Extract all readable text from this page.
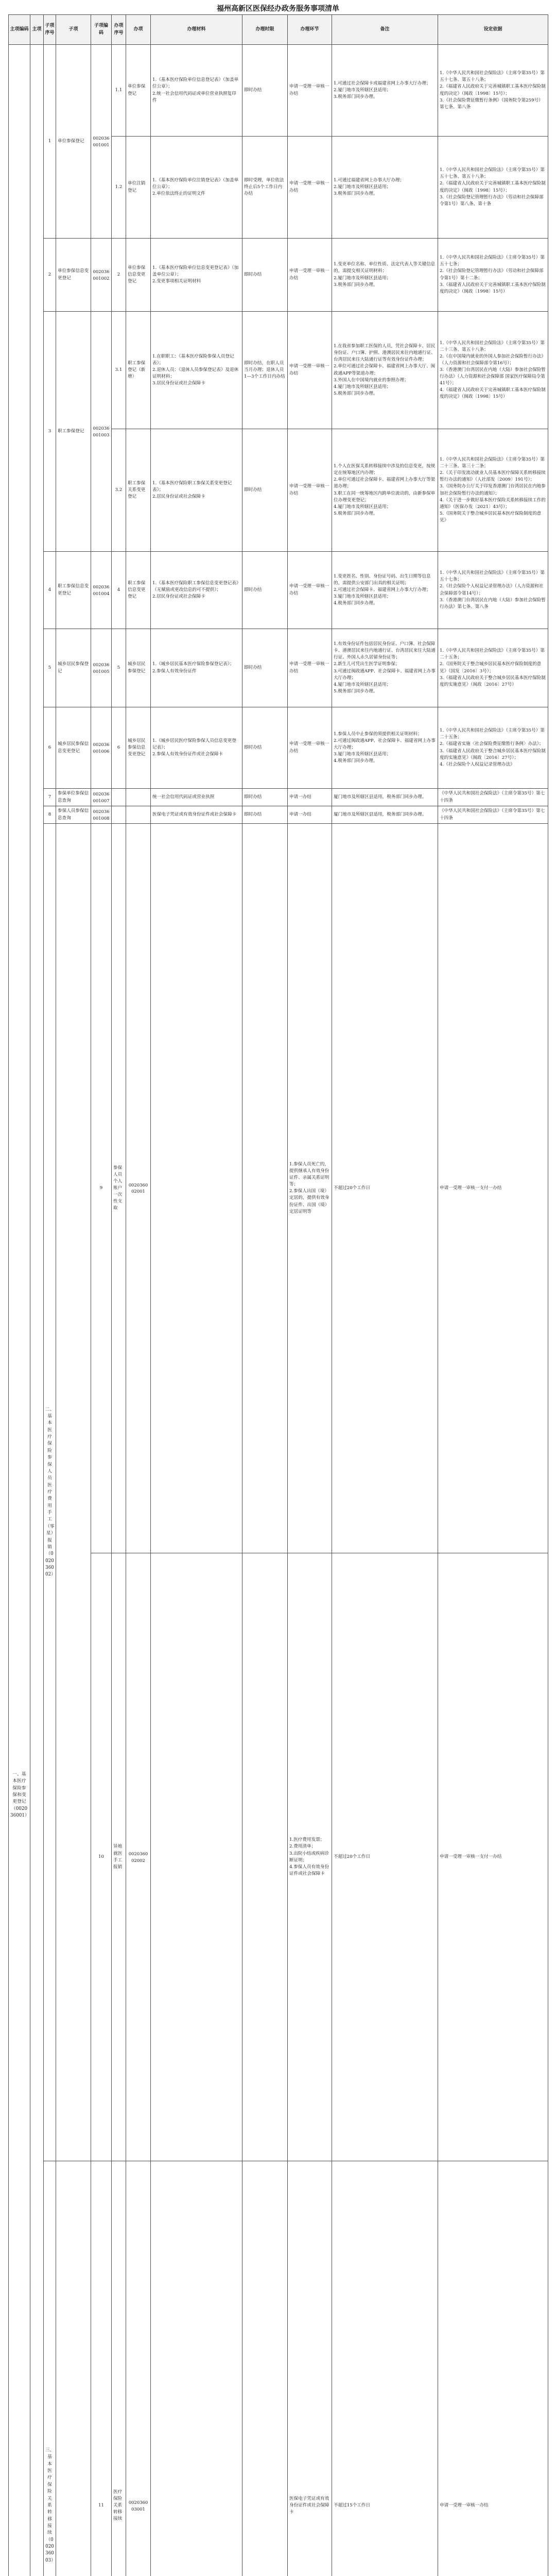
福州高新区医保经办政务服务事项清单
主项编码	主项	子项序号	子项	子项编码	办项序号	办项	办理材料	办理时限	办理环节	备注	设定依据	
一、基本医疗保险参保和变更登记（002036001）		1	单位参保登记	002036001001	1.1	单位参保登记	1.《基本医疗保险单位信息登记表》（加盖单位公章）；
2.统一社会信用代码证或单位营业执照复印件	即时办结	申请一受理一审核一办结	1.可通过社会保障卡或福建省网上办事大厅办理；
2.厦门地市及所辖区县适用；
3.税务部门同步办理。	1.《中华人民共和国社会保险法》（主席令第35号）第五十七条、第五十八条；
2.《福建省人民政府关于完善城镇职工基本医疗保险制度的决定》（闽政〔1998〕15号）；
3.《社会保险费征缴暂行条例》（国务院令第259号）第七条、第八条	
					1.2	单位注销登记	1.《基本医疗保险单位注销登记表》（加盖单位公章）；
2.单位依法终止的证明文件	即时受理，单位依法终止后5个工作日内办结	申请一受理一审核一办结	1.可通过福建省网上办事大厅办理；
2.厦门地市及所辖区县适用；
3.税务部门同步办理。	1.《中华人民共和国社会保险法》（主席令第35号）第五十七条、第五十八条；
2.《福建省人民政府关于完善城镇职工基本医疗保险制度的决定》（闽政〔1998〕15号）；
3.《社会保险登记管理暂行办法》（劳动和社会保障部令第1号）第八条、第十条	
		2	单位参保信息变更登记	002036001002	2	单位参保信息变更登记	1.《基本医疗保险单位信息变更登记表》（加盖单位公章）；
2.变更事项相关证明材料	即时办结	申请一受理一审核一办结	1.变更单位名称、单位性质、法定代表人等关键信息的，需提交相关证明材料；
2.厦门地市及所辖区县适用；
3.税务部门同步办理。	1.《中华人民共和国社会保险法》（主席令第35号）第五十七条；
2.《社会保险登记管理暂行办法》（劳动和社会保障部令第1号）第十二条；
3.《福建省人民政府关于完善城镇职工基本医疗保险制度的决定》（闽政〔1998〕15号）	
		3	职工参保登记	002036001003	3.1	职工参保登记（新增）	1.在职职工：《基本医疗保险参保人员登记表》；
2.退休人员：《退休人员参保登记表》及退休证明材料；
3.居民身份证或社会保障卡	即时办结，在职人员当月办理；退休人员1—3个工作日内办结	申请一受理一审核一办结	1.在我省参加职工医保的人员，凭社会保障卡、居民身份证、户口簿、护照、港澳居民来往内地通行证、台湾居民来往大陆通行证等有效身份证件办理；
2.单位可通过社会保障卡、福建省网上办事大厅、闽政通APP等渠道办理；
3.外国人在中国境内就业的参照办理；
4.厦门地市及所辖区县适用；
5.税务部门同步办理。	1.《中华人民共和国社会保险法》（主席令第35号）第二十三条、第五十八条；
2.《在中国境内就业的外国人参加社会保险暂行办法》（人力资源和社会保障部令第16号）；
3.《香港澳门台湾居民在内地（大陆）参加社会保险暂行办法》（人力资源和社会保障部 国家医疗保障局令第41号）；
4.《福建省人民政府关于完善城镇职工基本医疗保险制度的决定》（闽政〔1998〕15号）	
					3.2	职工参保关系变更登记	1.《基本医疗保险职工参保关系变更登记表》；
2.居民身份证或社会保障卡	即时办结	申请一受理一审核一办结	1.个人在医保关系转移接续中涉及的信息变更，按规定在统筹地区内办理；
2.单位可通过社会保障卡、福建省网上办事大厅等渠道办理；
3.职工在同一统筹地区内跨单位流动的，由新参保单位办理变更登记；
4.厦门地市及所辖区县适用；
5.税务部门同步办理。	1.《中华人民共和国社会保险法》（主席令第35号）第二十三条、第三十二条；
2.《关于印发流动就业人员基本医疗保障关系转移接续暂行办法的通知》（人社部发〔2009〕191号）；
3.《国务院办公厅关于印发香港澳门台湾居民在内地参加社会保险暂行办法的通知》；
4.《关于进一步做好基本医疗保险关系转移接续工作的通知》（医保办发〔2021〕43号）；
5.《国务院关于整合城乡居民基本医疗保险制度的意见》	
		4	职工参保信息变更登记	002036001004	4	职工参保信息变更登记	1.《基本医疗保险职工参保信息变更登记表》（无赋值或更改信息的可不提供）；
2.居民身份证或社会保障卡	即时办结	申请一受理一审核一办结	1.变更姓名、性别、身份证号码、出生日期等信息的，需提供公安部门出具的相关证明；
2.可通过社会保障卡、福建省网上办事大厅办理；
3.厦门地市及所辖区县适用；
4.税务部门同步办理。	1.《中华人民共和国社会保险法》（主席令第35号）第五十七条；
2.《社会保险个人权益记录管理办法》（人力资源和社会保障部令第14号）；
3.《香港澳门台湾居民在内地（大陆）参加社会保险暂行办法》第七条、第八条	
		5	城乡居民参保登记	002036001005	5	城乡居民参保登记	1.《城乡居民基本医疗保险参保登记表》；
2.参保人有效身份证件	即时办结	申请一受理一审核一办结	1.有效身份证件包括居民身份证、户口簿、社会保障卡、港澳居民来往内地通行证、台湾居民来往大陆通行证、外国人永久居留身份证等；
2.新生儿可凭出生医学证明参保；
3.可通过闽政通APP、社会保障卡、福建省网上办事大厅办理；
4.厦门地市及所辖区县适用；
5.税务部门同步办理。	1.《中华人民共和国社会保险法》（主席令第35号）第二十五条；
2.《国务院关于整合城乡居民基本医疗保险制度的意见》（国发〔2016〕3号）；
3.《福建省人民政府关于整合城乡居民基本医疗保险制度的实施意见》（闽政〔2016〕27号）	
		6	城乡居民参保信息变更登记	002036001006	6	城乡居民参保信息变更登记	1.《城乡居民医疗保险参保人员信息变更登记表》；
2.参保人有效身份证件或社会保障卡	即时办结	申请一受理一审核一办结	1.参保人员中止参保的须提供相关证明材料；
2.可通过闽政通APP、社会保障卡、福建省网上办事大厅办理；
3.厦门地市及所辖区县适用；
4.税务部门同步办理。	1.《中华人民共和国社会保险法》（主席令第35号）第二十五条；
2.《福建省实施〈社会保险费征缴暂行条例〉办法》；
3.《福建省人民政府关于整合城乡居民基本医疗保险制度的实施意见》（闽政〔2016〕27号）；
4.《社会保险个人权益记录管理办法》	
		7	参保单位参保信息查询	002036001007			统一社会信用代码证或营业执照	即时办结	申请一办结	厦门地市及所辖区县适用，税务部门同步办理。	《中华人民共和国社会保险法》（主席令第35号）第七十四条	
		8	参保人员参保信息查询	002036001008			医保电子凭证或有效身份证件或社会保障卡	即时办结	申请一办结	厦门地市及所辖区县适用，税务部门同步办理。	《中华人民共和国社会保险法》（主席令第35号）第七十四条	
		二、基本医疗保险参保人员医疗费用手工（零星）报销（002036002）		9	参保人员个人账户一次性支取	002036002001			1.参保人员死亡的，提供继承人有效身份证件、亲属关系证明等；
2.参保人出国（境）定居的，提供有效身份证件、出国（境）定居证明等	不超过20个工作日	申请一受理一审核一支付一办结		
				10	异地就医手工报销	002036002002			1.医疗费用发票；
2.费用清单；
3.出院小结或疾病诊断证明；
4.参保人员有效身份证件或社会保障卡	不超过20个工作日	申请一受理一审核一支付一办结		
		三、基本医疗保险关系转移接续（002036003）		11	医疗保险关系转移接续	002036003001			医保电子凭证或有效身份证件或社会保障卡	不超过15个工作日	申请一受理一审核一办结		
